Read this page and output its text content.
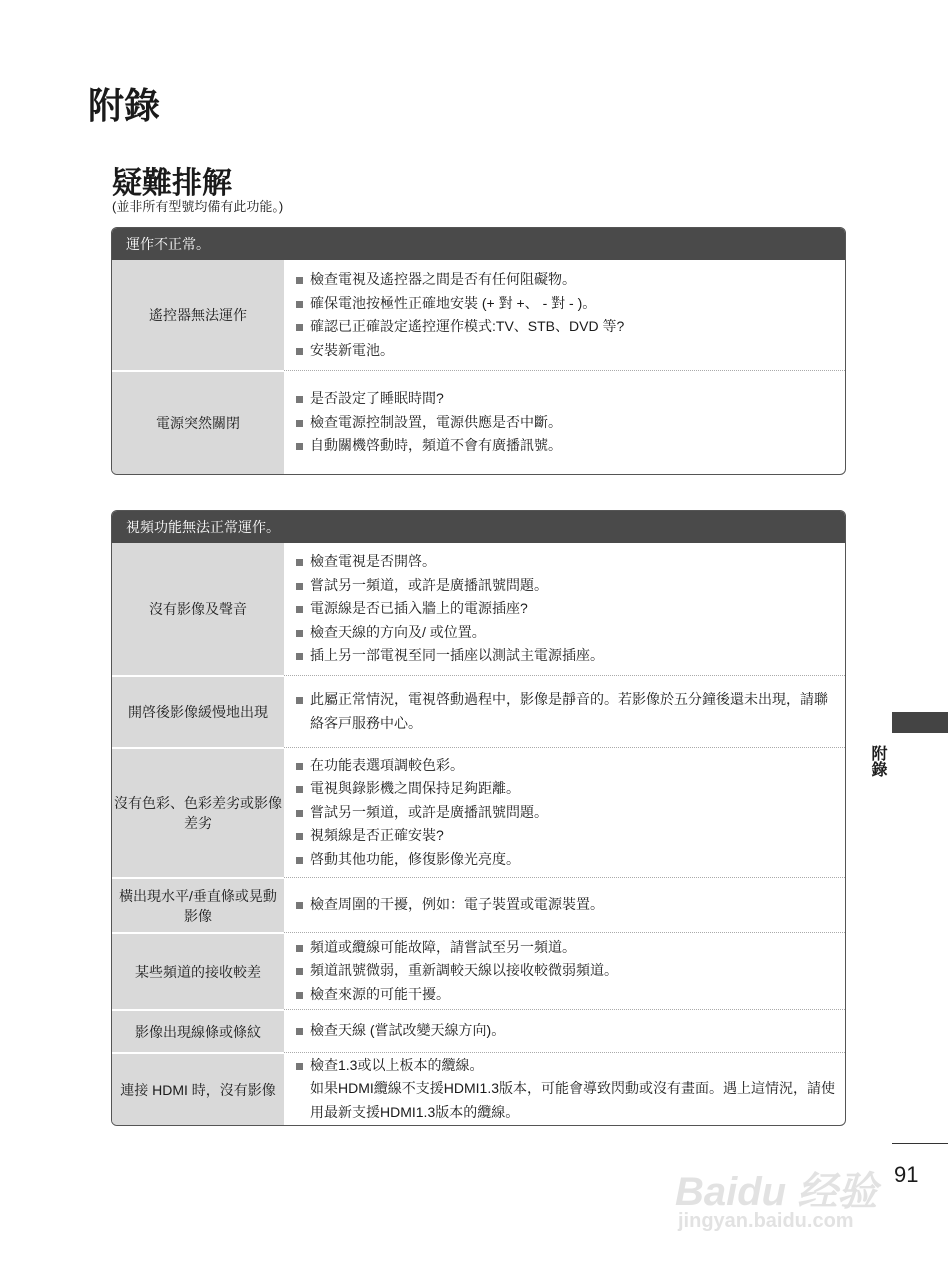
附錄
疑難排解
(並非所有型號均備有此功能。)
運作不正常。
遙控器無法運作
檢查電視及遙控器之間是否有任何阻礙物。
確保電池按極性正確地安裝 (+ 對 +、 - 對 - )。
確認已正確設定遙控運作模式:TV、STB、DVD 等?
安裝新電池。
電源突然關閉
是否設定了睡眠時間?
檢查電源控制設置，電源供應是否中斷。
自動關機啓動時，頻道不會有廣播訊號。
視頻功能無法正常運作。
沒有影像及聲音
檢查電視是否開啓。
嘗試另一頻道，或許是廣播訊號問題。
電源線是否已插入牆上的電源插座?
檢查天線的方向及/ 或位置。
插上另一部電視至同一插座以測試主電源插座。
開啓後影像緩慢地出現
此屬正常情況，電視啓動過程中，影像是靜音的。若影像於五分鐘後還未出現，請聯絡客戸服務中心。
沒有色彩、色彩差劣或影像差劣
在功能表選項調較色彩。
電視與錄影機之間保持足夠距離。
嘗試另一頻道，或許是廣播訊號問題。
視頻線是否正確安裝?
啓動其他功能，修復影像光亮度。
橫出現水平/垂直條或晃動影像
檢查周圍的干擾，例如：電子裝置或電源裝置。
某些頻道的接收較差
頻道或纜線可能故障，請嘗試至另一頻道。
頻道訊號微弱，重新調較天線以接收較微弱頻道。
檢查來源的可能干擾。
影像出現線條或條紋	檢查天線 (嘗試改變天線方向)。
連接 HDMI 時，沒有影像
檢查1.3或以上板本的纜線。
如果HDMI纜線不支援HDMI1.3版本，可能會導致閃動或沒有畫面。遇上這情況，請使用最新支援HDMI1.3版本的纜線。
附錄
91
Baidu 经验
jingyan.baidu.com
